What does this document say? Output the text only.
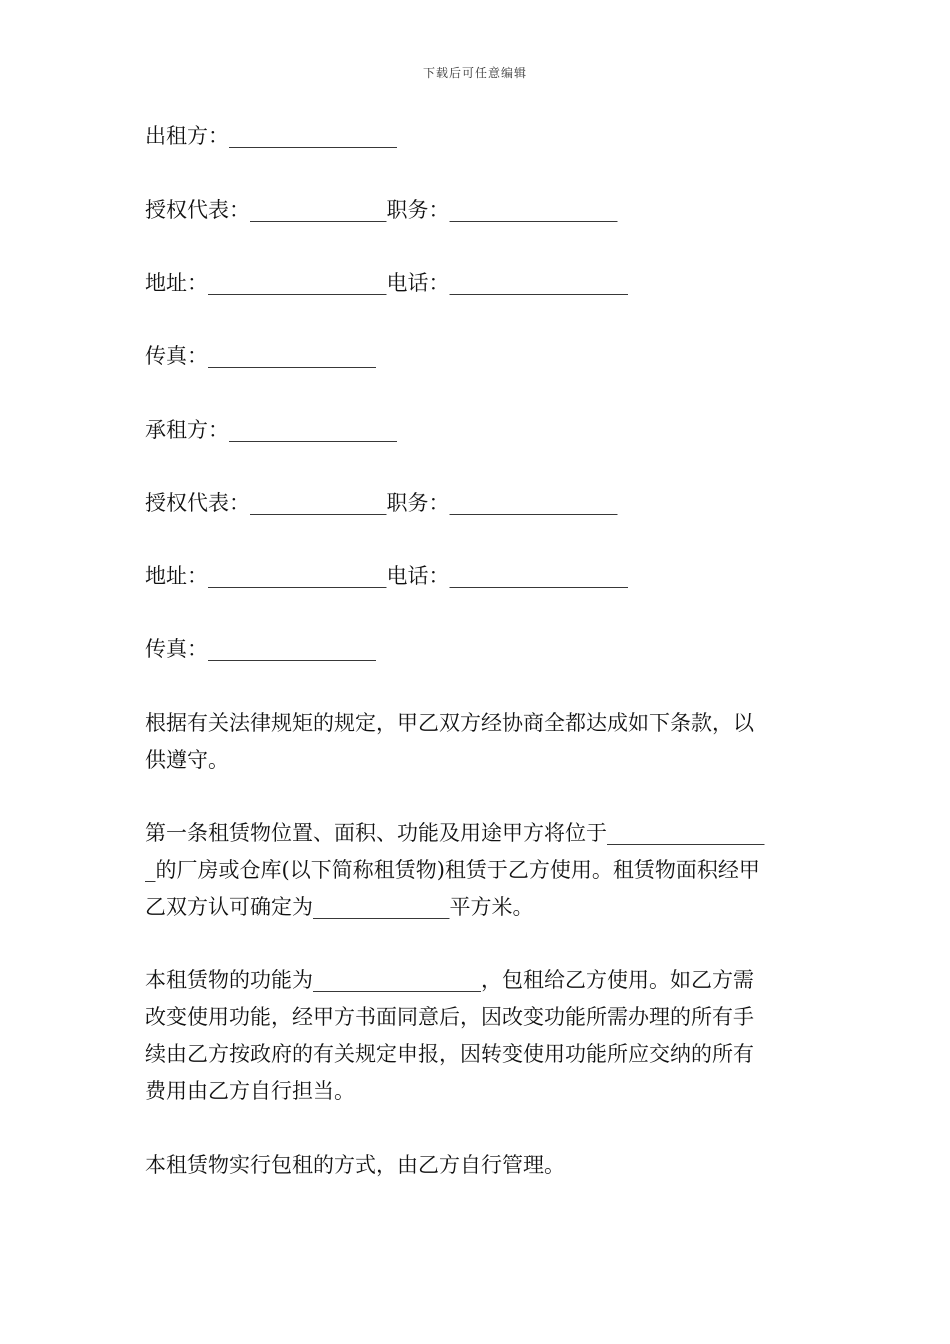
下载后可任意编辑
出租方：________________
授权代表：_____________职务：________________
地址：_________________电话：_________________
传真：________________
承租方：________________
授权代表：_____________职务：________________
地址：_________________电话：_________________
传真：________________
根据有关法律规矩的规定，甲乙双方经协商全都达成如下条款，以
供遵守。
第一条租赁物位置、面积、功能及用途甲方将位于_______________
_的厂房或仓库(以下简称租赁物)租赁于乙方使用。租赁物面积经甲
乙双方认可确定为_____________平方米。
本租赁物的功能为________________，包租给乙方使用。如乙方需
改变使用功能，经甲方书面同意后，因改变功能所需办理的所有手
续由乙方按政府的有关规定申报，因转变使用功能所应交纳的所有
费用由乙方自行担当。
本租赁物实行包租的方式，由乙方自行管理。
